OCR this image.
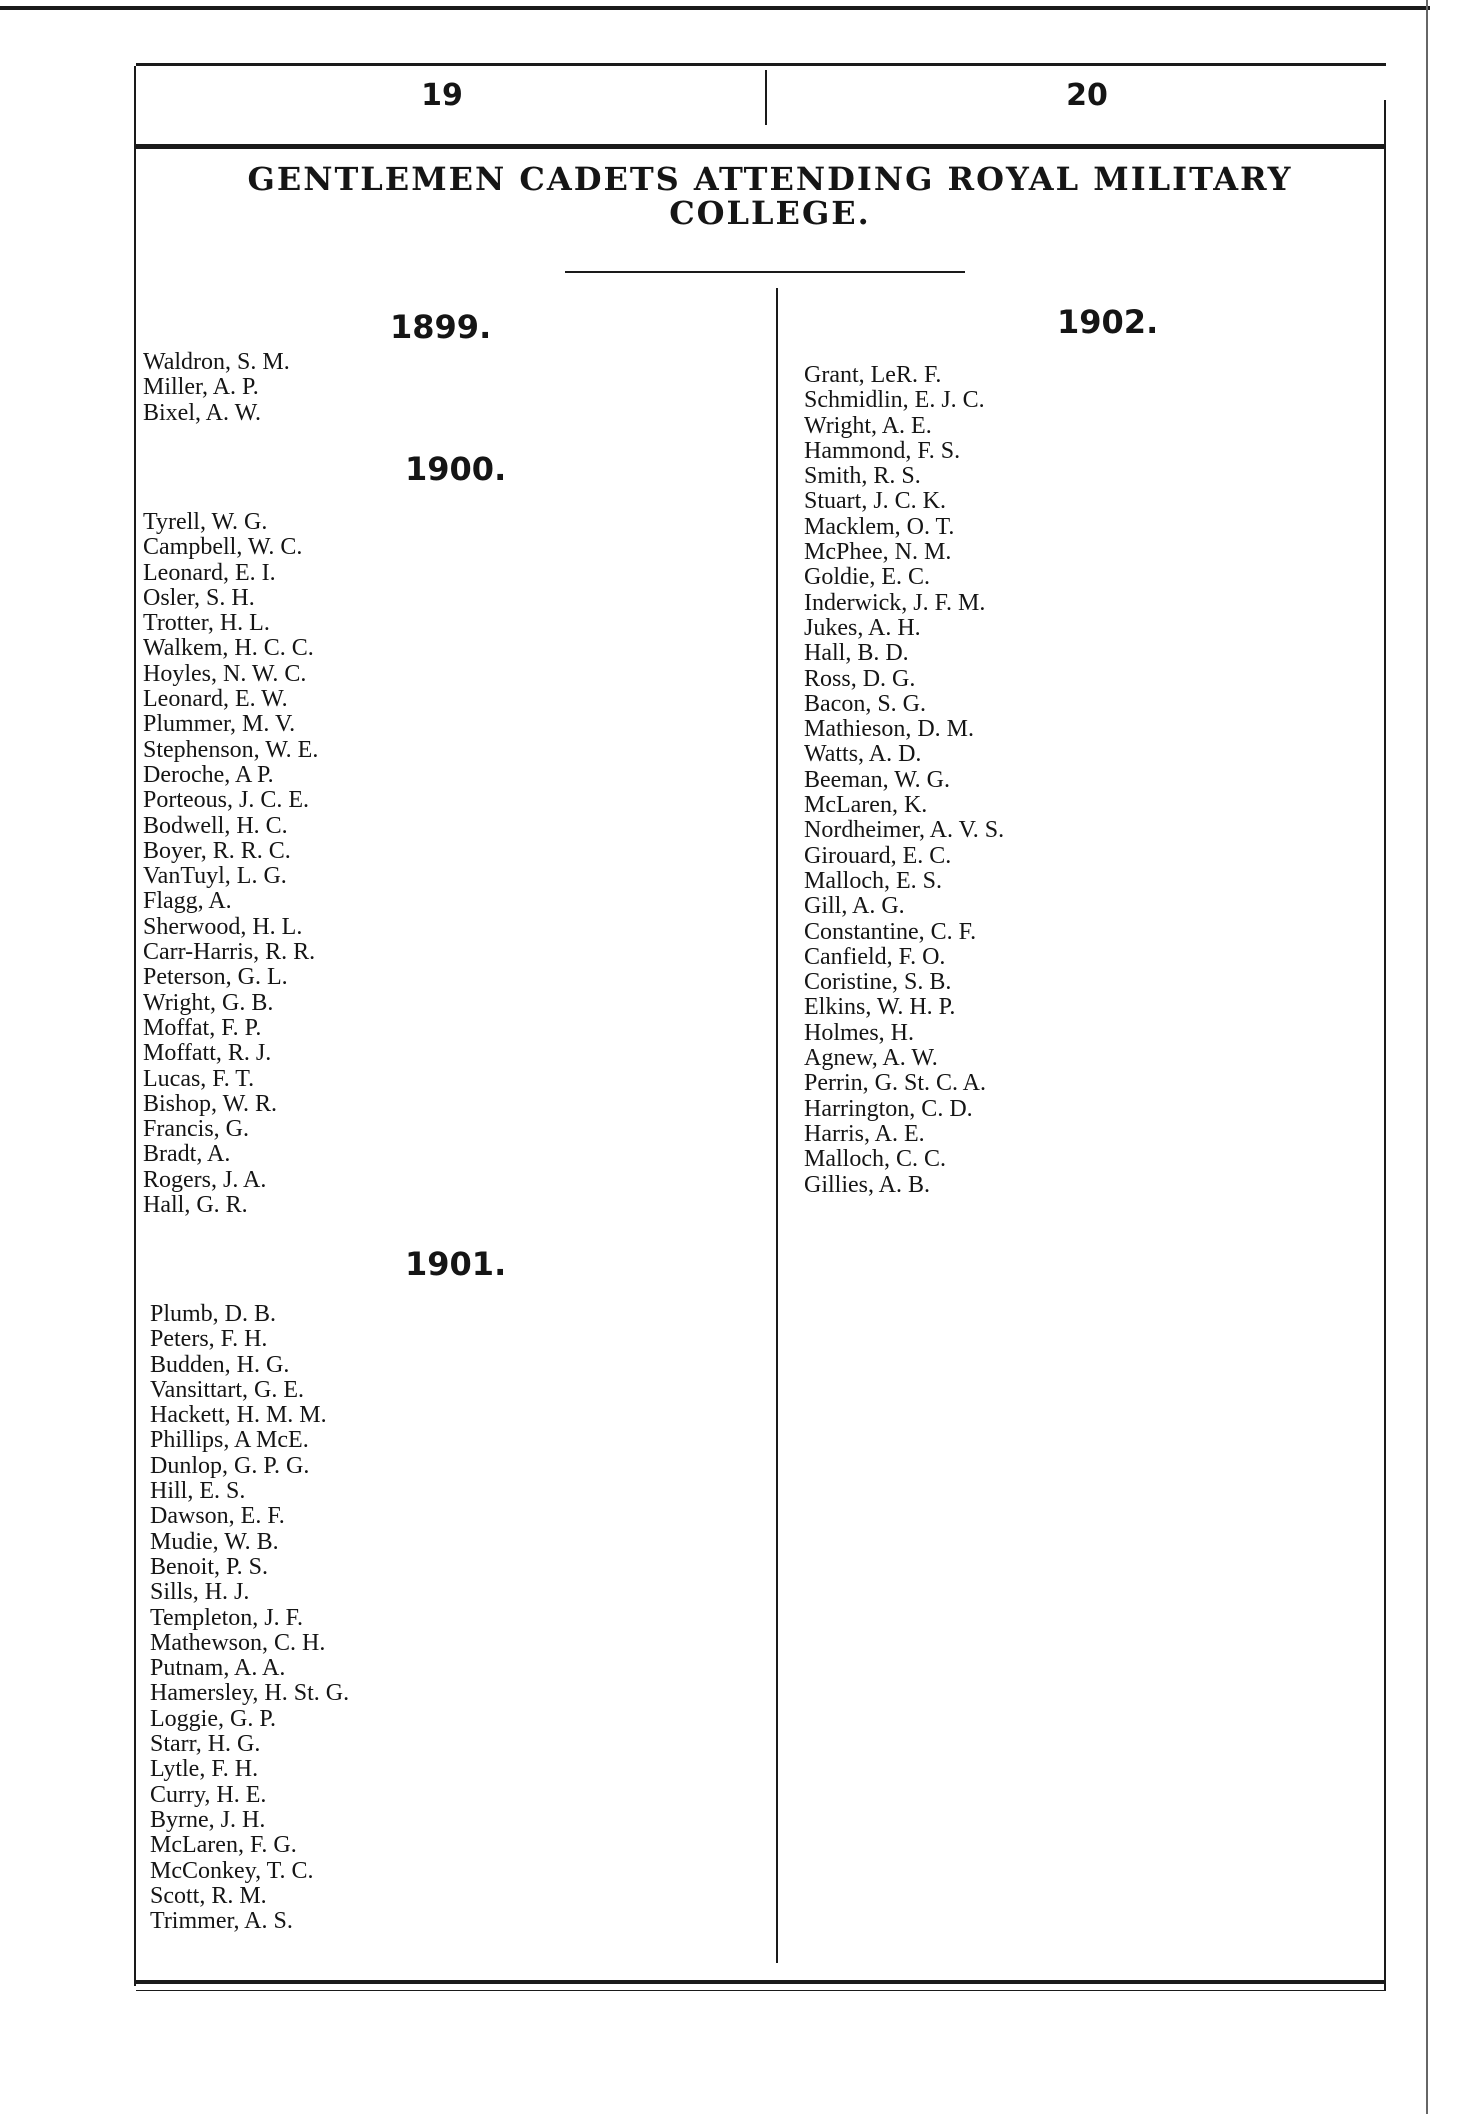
19	20
GENTLEMEN CADETS ATTENDING ROYAL MILITARY COLLEGE.
1899.
Waldron, S. M.
Miller, A. P.
Bixel, A. W.
1900.
Tyrell, W. G.
Campbell, W. C.
Leonard, E. I.
Osler, S. H.
Trotter, H. L.
Walkem, H. C. C.
Hoyles, N. W. C.
Leonard, E. W.
Plummer, M. V.
Stephenson, W. E.
Deroche, A P.
Porteous, J. C. E.
Bodwell, H. C.
Boyer, R. R. C.
VanTuyl, L. G.
Flagg, A.
Sherwood, H. L.
Carr-Harris, R. R.
Peterson, G. L.
Wright, G. B.
Moffat, F. P.
Moffatt, R. J.
Lucas, F. T.
Bishop, W. R.
Francis, G.
Bradt, A.
Rogers, J. A.
Hall, G. R.
1901.
Plumb, D. B.
Peters, F. H.
Budden, H. G.
Vansittart, G. E.
Hackett, H. M. M.
Phillips, A McE.
Dunlop, G. P. G.
Hill, E. S.
Dawson, E. F.
Mudie, W. B.
Benoit, P. S.
Sills, H. J.
Templeton, J. F.
Mathewson, C. H.
Putnam, A. A.
Hamersley, H. St. G.
Loggie, G. P.
Starr, H. G.
Lytle, F. H.
Curry, H. E.
Byrne, J. H.
McLaren, F. G.
McConkey, T. C.
Scott, R. M.
Trimmer, A. S.
1902.
Grant, LeR. F.
Schmidlin, E. J. C.
Wright, A. E.
Hammond, F. S.
Smith, R. S.
Stuart, J. C. K.
Macklem, O. T.
McPhee, N. M.
Goldie, E. C.
Inderwick, J. F. M.
Jukes, A. H.
Hall, B. D.
Ross, D. G.
Bacon, S. G.
Mathieson, D. M.
Watts, A. D.
Beeman, W. G.
McLaren, K.
Nordheimer, A. V. S.
Girouard, E. C.
Malloch, E. S.
Gill, A. G.
Constantine, C. F.
Canfield, F. O.
Coristine, S. B.
Elkins, W. H. P.
Holmes, H.
Agnew, A. W.
Perrin, G. St. C. A.
Harrington, C. D.
Harris, A. E.
Malloch, C. C.
Gillies, A. B.
